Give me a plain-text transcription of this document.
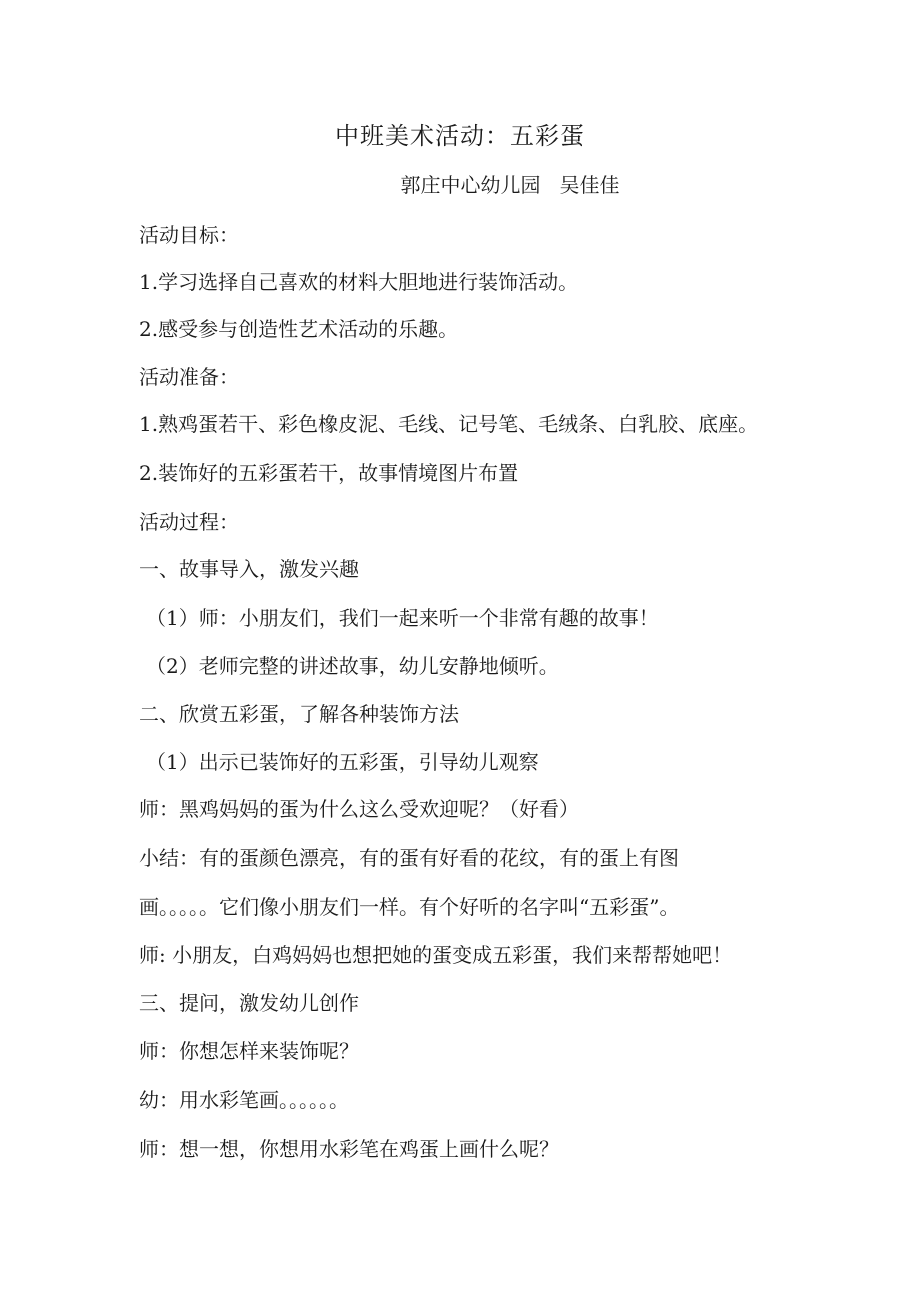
中班美术活动：五彩蛋
郭庄中心幼儿园   吴佳佳
活动目标：
1.学习选择自己喜欢的材料大胆地进行装饰活动。
2.感受参与创造性艺术活动的乐趣。
活动准备：
1.熟鸡蛋若干、彩色橡皮泥、毛线、记号笔、毛绒条、白乳胶、底座。
2.装饰好的五彩蛋若干，故事情境图片布置
活动过程：
一、故事导入，激发兴趣
（1）师：小朋友们，我们一起来听一个非常有趣的故事！
（2）老师完整的讲述故事，幼儿安静地倾听。
二、欣赏五彩蛋，了解各种装饰方法
（1）出示已装饰好的五彩蛋，引导幼儿观察
师：黑鸡妈妈的蛋为什么这么受欢迎呢？（好看）
小结：有的蛋颜色漂亮，有的蛋有好看的花纹，有的蛋上有图
画。。。。。它们像小朋友们一样。有个好听的名字叫“五彩蛋”。
师: 小朋友，白鸡妈妈也想把她的蛋变成五彩蛋，我们来帮帮她吧！
三、提问，激发幼儿创作
师：你想怎样来装饰呢？
幼：用水彩笔画。。。。。。
师：想一想，你想用水彩笔在鸡蛋上画什么呢？
